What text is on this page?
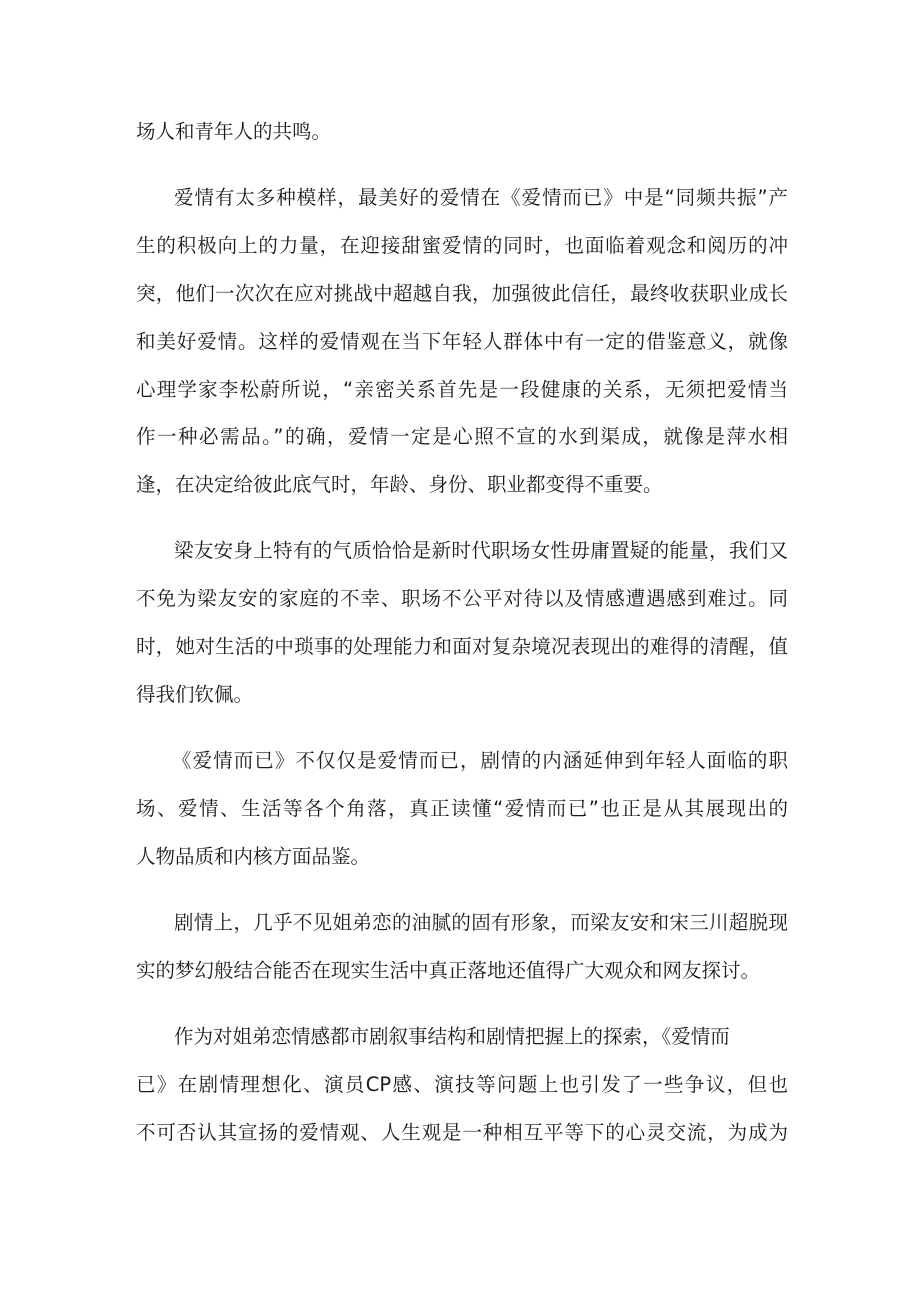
场人和青年人的共鸣。

爱情有太多种模样，最美好的爱情在《爱情而已》中是“同频共振”产

生的积极向上的力量，在迎接甜蜜爱情的同时，也面临着观念和阅历的冲

突，他们一次次在应对挑战中超越自我，加强彼此信任，最终收获职业成长

和美好爱情。这样的爱情观在当下年轻人群体中有一定的借鉴意义，就像

心理学家李松蔚所说，“亲密关系首先是一段健康的关系，无须把爱情当

作一种必需品。”的确，爱情一定是心照不宣的水到渠成，就像是萍水相

逢，在决定给彼此底气时，年龄、身份、职业都变得不重要。

梁友安身上特有的气质恰恰是新时代职场女性毋庸置疑的能量，我们又

不免为梁友安的家庭的不幸、职场不公平对待以及情感遭遇感到难过。同

时，她对生活的中琐事的处理能力和面对复杂境况表现出的难得的清醒，值

得我们钦佩。

《爱情而已》不仅仅是爱情而已，剧情的内涵延伸到年轻人面临的职

场、爱情、生活等各个角落，真正读懂“爱情而已”也正是从其展现出的

人物品质和内核方面品鉴。

剧情上，几乎不见姐弟恋的油腻的固有形象，而梁友安和宋三川超脱现

实的梦幻般结合能否在现实生活中真正落地还值得广大观众和网友探讨。

作为对姐弟恋情感都市剧叙事结构和剧情把握上的探索，《爱情而

已》在剧情理想化、演员CP感、演技等问题上也引发了一些争议，但也

不可否认其宣扬的爱情观、人生观是一种相互平等下的心灵交流，为成为
